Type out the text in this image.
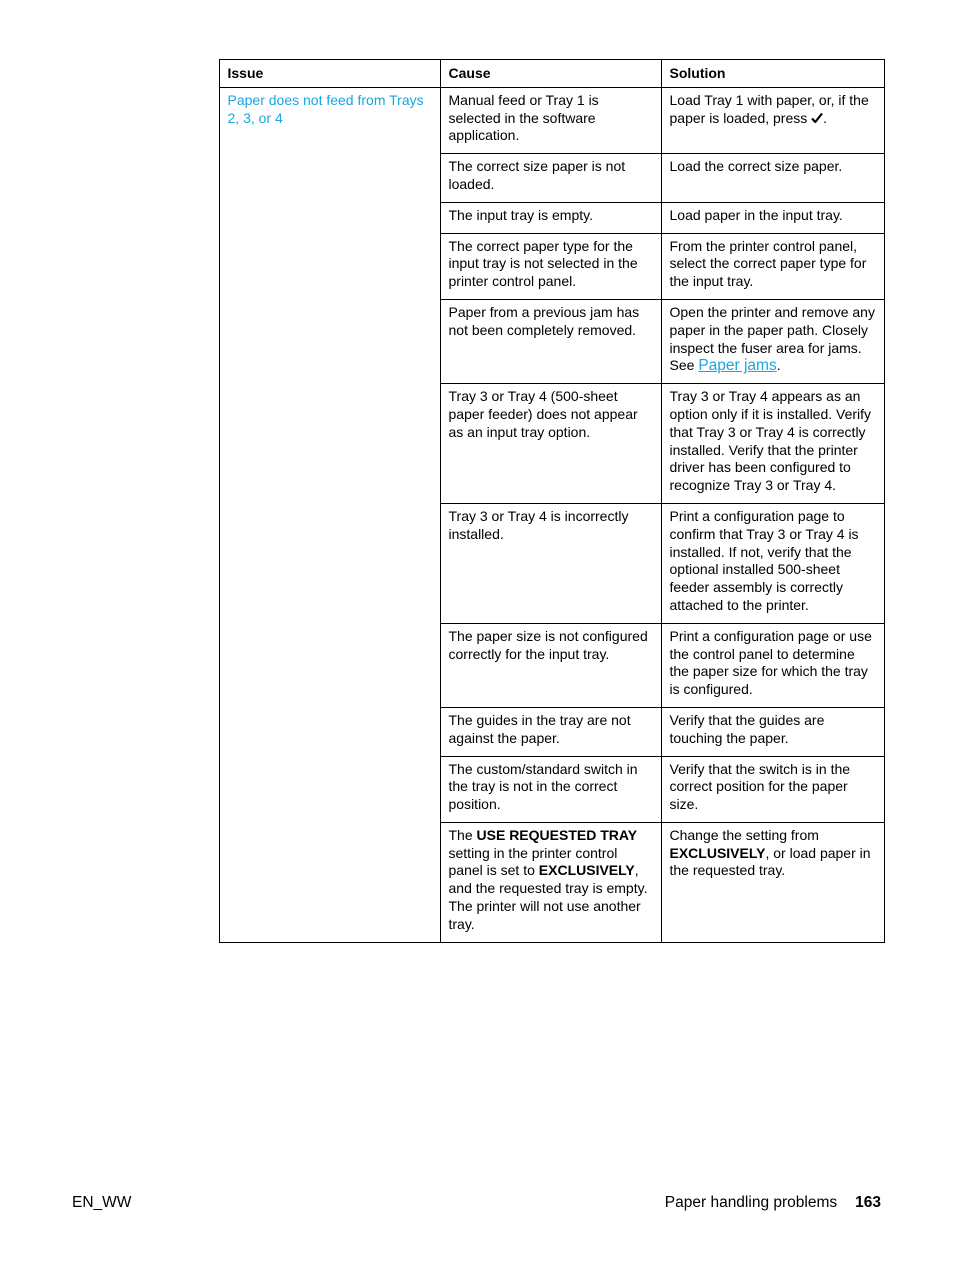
Issue	Cause	Solution
Paper does not feed from Trays 2, 3, or 4	Manual feed or Tray 1 is selected in the software application.	Load Tray 1 with paper, or, if the paper is loaded, press .
	The correct size paper is not loaded.	Load the correct size paper.
	The input tray is empty.	Load paper in the input tray.
	The correct paper type for the input tray is not selected in the printer control panel.	From the printer control panel, select the correct paper type for the input tray.
	Paper from a previous jam has not been completely removed.	Open the printer and remove any paper in the paper path. Closely inspect the fuser area for jams. See Paper jams.
	Tray 3 or Tray 4 (500-sheet paper feeder) does not appear as an input tray option.	Tray 3 or Tray 4 appears as an option only if it is installed. Verify that Tray 3 or Tray 4 is correctly installed. Verify that the printer driver has been configured to recognize Tray 3 or Tray 4.
	Tray 3 or Tray 4 is incorrectly installed.	Print a configuration page to confirm that Tray 3 or Tray 4 is installed. If not, verify that the optional installed 500-sheet feeder assembly is correctly attached to the printer.
	The paper size is not configured correctly for the input tray.	Print a configuration page or use the control panel to determine the paper size for which the tray is configured.
	The guides in the tray are not against the paper.	Verify that the guides are touching the paper.
	The custom/standard switch in the tray is not in the correct position.	Verify that the switch is in the correct position for the paper size.
	The USE REQUESTED TRAY setting in the printer control panel is set to EXCLUSIVELY, and the requested tray is empty. The printer will not use another tray.	Change the setting from EXCLUSIVELY, or load paper in the requested tray.
EN_WW	Paper handling problems 163
